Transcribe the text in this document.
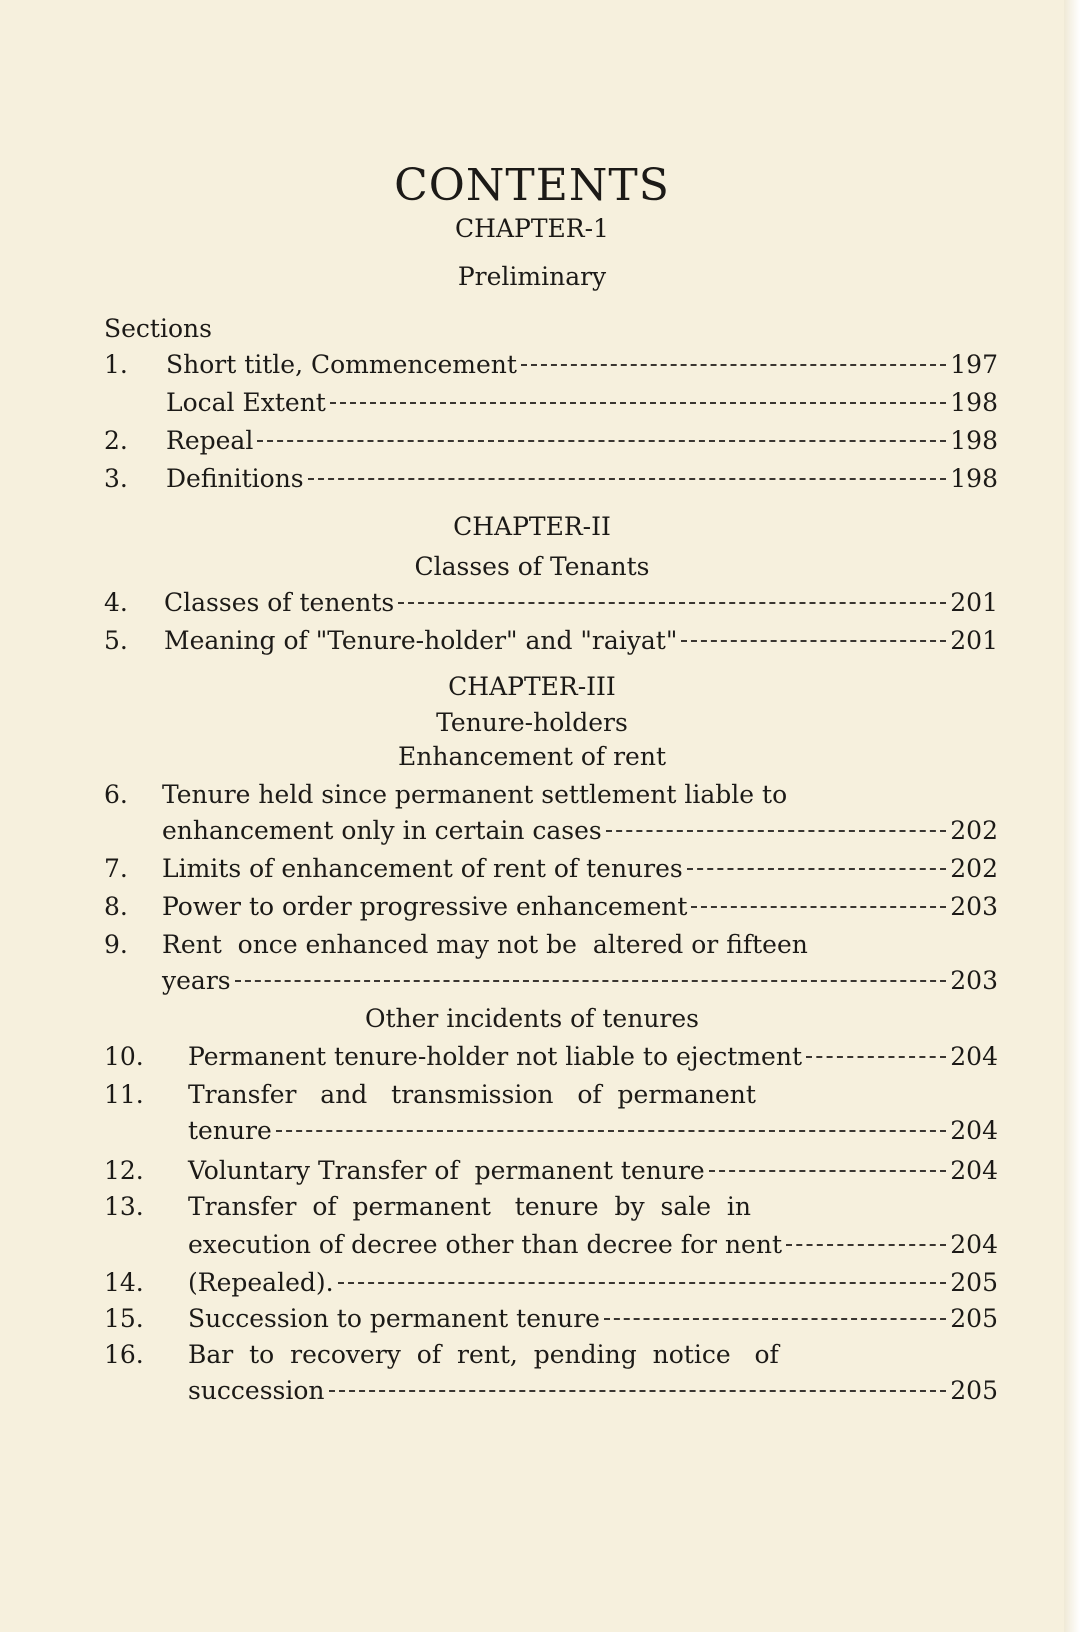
CONTENTS
CHAPTER-1
Preliminary
Sections
1. Short title, Commencement	197
Local Extent	198
2. Repeal	198
3. Definitions	198
CHAPTER-II
Classes of Tenants
4. Classes of tenents	201
5. Meaning of "Tenure-holder" and "raiyat"	201
CHAPTER-III
Tenure-holders
Enhancement of rent
6. Tenure held since permanent settlement liable to
enhancement only in certain cases	202
7. Limits of enhancement of rent of tenures	202
8. Power to order progressive enhancement	203
9. Rent  once enhanced may not be  altered or fifteen
years	203
Other incidents of tenures
10. Permanent tenure-holder not liable to ejectment	204
11. Transfer   and   transmission   of  permanent
tenure	204
12. Voluntary Transfer of  permanent tenure	204
13. Transfer  of  permanent   tenure  by  sale  in
execution of decree other than decree for nent	204
14. (Repealed).	205
15. Succession to permanent tenure	205
16. Bar  to  recovery  of  rent,  pending  notice   of
succession	205
